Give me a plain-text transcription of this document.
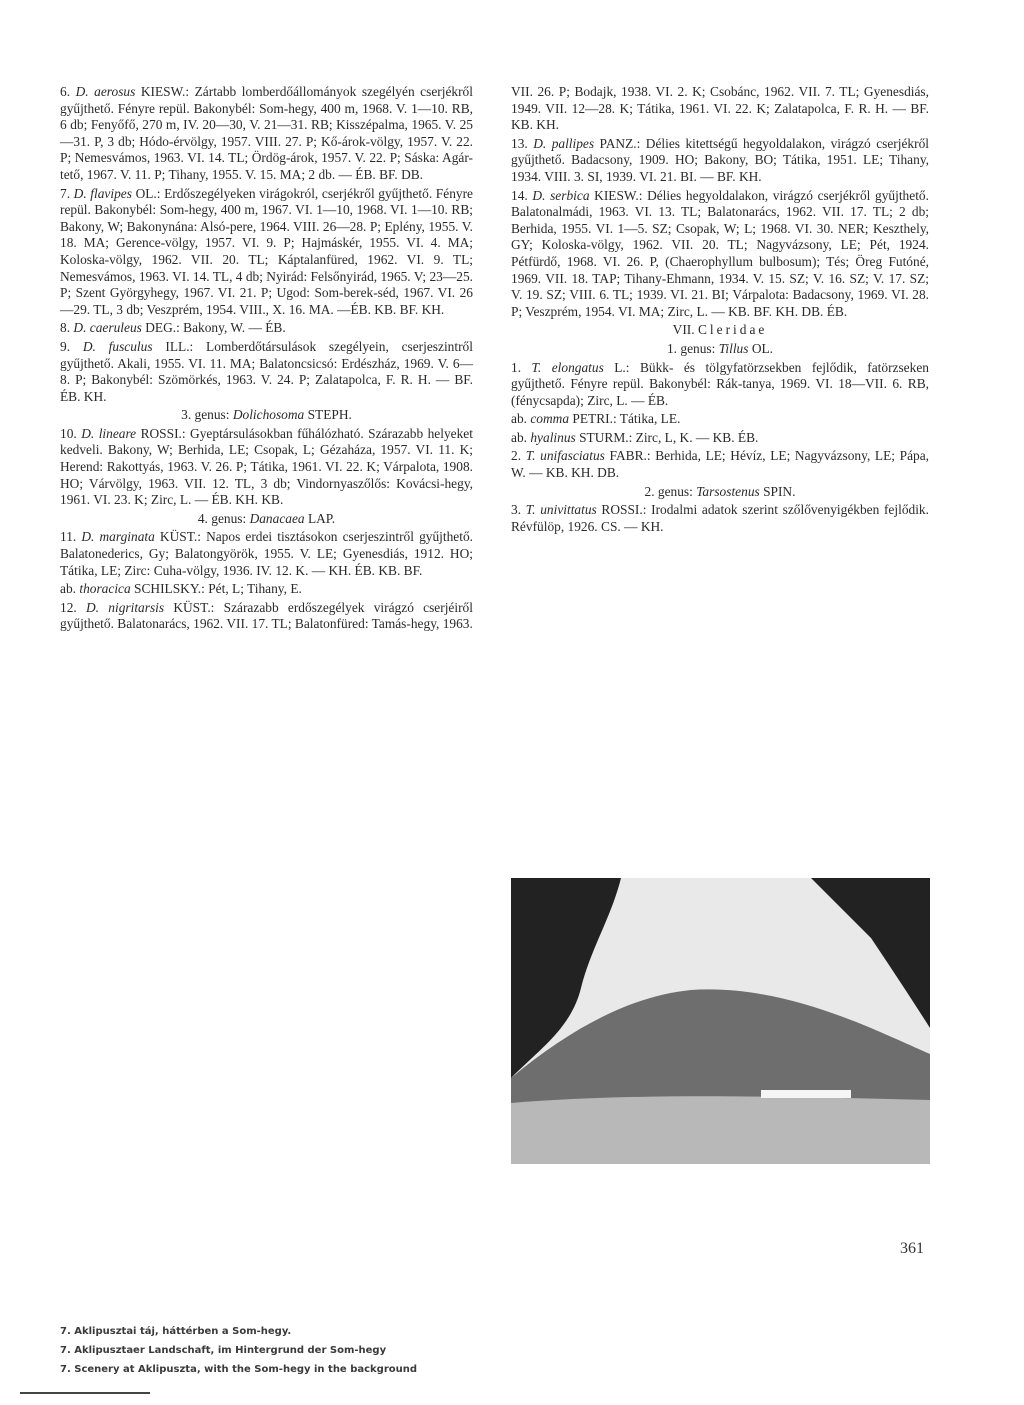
6. D. aerosus KIESW.: Zártabb lomberdőállományok szegélyén cserjékről gyűjthető. Fényre repül. Bakonybél: Som-hegy, 400 m, 1968. V. 1—10. RB, 6 db; Fenyőfő, 270 m, IV. 20—30, V. 21—31. RB; Kisszépalma, 1965. V. 25—31. P, 3 db; Hódo-érvölgy, 1957. VIII. 27. P; Kő-árok-völgy, 1957. V. 22. P; Nemesvámos, 1963. VI. 14. TL; Ördög-árok, 1957. V. 22. P; Sáska: Agár-tető, 1967. V. 11. P; Tihany, 1955. V. 15. MA; 2 db. — ÉB. BF. DB.

7. D. flavipes OL.: Erdőszegélyeken virágokról, cserjékről gyűjthető. Fényre repül. Bakonybél: Som-hegy, 400 m, 1967. VI. 1—10, 1968. VI. 1—10. RB; Bakony, W; Bakonynána: Alsó-pere, 1964. VIII. 26—28. P; Eplény, 1955. V. 18. MA; Gerence-völgy, 1957. VI. 9. P; Hajmáskér, 1955. VI. 4. MA; Koloska-völgy, 1962. VII. 20. TL; Káptalanfüred, 1962. VI. 9. TL; Nemesvámos, 1963. VI. 14. TL, 4 db; Nyirád: Felsőnyirád, 1965. V; 23—25. P; Szent Györgyhegy, 1967. VI. 21. P; Ugod: Som-berek-séd, 1967. VI. 26—29. TL, 3 db; Veszprém, 1954. VIII., X. 16. MA. —ÉB. KB. BF. KH.

8. D. caeruleus DEG.: Bakony, W. — ÉB.

9. D. fusculus ILL.: Lomberdőtársulások szegélyein, cserjeszintről gyűjthető. Akali, 1955. VI. 11. MA; Balatoncsicsó: Erdészház, 1969. V. 6—8. P; Bakonybél: Szömörkés, 1963. V. 24. P; Zalatapolca, F. R. H. — BF. ÉB. KH.

3. genus: Dolichosoma STEPH.

10. D. lineare ROSSI.: Gyeptársulásokban fűhálózható. Szárazabb helyeket kedveli. Bakony, W; Berhida, LE; Csopak, L; Gézaháza, 1957. VI. 11. K; Herend: Rakottyás, 1963. V. 26. P; Tátika, 1961. VI. 22. K; Várpalota, 1908. HO; Várvölgy, 1963. VII. 12. TL, 3 db; Vindornyaszőlős: Kovácsi-hegy, 1961. VI. 23. K; Zirc, L. — ÉB. KH. KB.

4. genus: Danacaea LAP.

11. D. marginata KÜST.: Napos erdei tisztásokon cserjeszintről gyűjthető. Balatonederics, Gy; Balatongyörök, 1955. V. LE; Gyenesdiás, 1912. HO; Tátika, LE; Zirc: Cuha-völgy, 1936. IV. 12. K. — KH. ÉB. KB. BF.

ab. thoracica SCHILSKY.: Pét, L; Tihany, E.

12. D. nigritarsis KÜST.: Szárazabb erdőszegélyek virágzó cserjéiről gyűjthető. Balatonarács, 1962. VII. 17. TL; Balatonfüred: Tamás-hegy, 1963.

VII. 26. P; Bodajk, 1938. VI. 2. K; Csobánc, 1962. VII. 7. TL; Gyenesdiás, 1949. VII. 12—28. K; Tátika, 1961. VI. 22. K; Zalatapolca, F. R. H. — BF. KB. KH.

13. D. pallipes PANZ.: Délies kitettségű hegyoldalakon, virágzó cserjékről gyűjthető. Badacsony, 1909. HO; Bakony, BO; Tátika, 1951. LE; Tihany, 1934. VIII. 3. SI, 1939. VI. 21. BI. — BF. KH.

14. D. serbica KIESW.: Délies hegyoldalakon, virágzó cserjékről gyűjthető. Balatonalmádi, 1963. VI. 13. TL; Balatonarács, 1962. VII. 17. TL; 2 db; Berhida, 1955. VI. 1—5. SZ; Csopak, W; L; 1968. VI. 30. NER; Keszthely, GY; Koloska-völgy, 1962. VII. 20. TL; Nagyvázsony, LE; Pét, 1924. Pétfürdő, 1968. VI. 26. P, (Chaerophyllum bulbosum); Tés; Öreg Futóné, 1969. VII. 18. TAP; Tihany-Ehmann, 1934. V. 15. SZ; V. 16. SZ; V. 17. SZ; V. 19. SZ; VIII. 6. TL; 1939. VI. 21. BI; Várpalota: Badacsony, 1969. VI. 28. P; Veszprém, 1954. VI. MA; Zirc, L. — KB. BF. KH. DB. ÉB.

VII. Cleridae

1. genus: Tillus OL.

1. T. elongatus L.: Bükk- és tölgyfatörzsekben fejlődik, fatörzseken gyűjthető. Fényre repül. Bakonybél: Rák-tanya, 1969. VI. 18—VII. 6. RB, (fénycsapda); Zirc, L. — ÉB.

ab. comma PETRI.: Tátika, LE.

ab. hyalinus STURM.: Zirc, L, K. — KB. ÉB.

2. T. unifasciatus FABR.: Berhida, LE; Hévíz, LE; Nagyvázsony, LE; Pápa, W. — KB. KH. DB.

2. genus: Tarsostenus SPIN.

3. T. univittatus ROSSI.: Irodalmi adatok szerint szőlővenyigékben fejlődik. Révfülöp, 1926. CS. — KH.

361

7. Aklipusztai táj, háttérben a Som-hegy.

7. Aklipusztaer Landschaft, im Hintergrund der Som-hegy

7. Scenery at Aklipuszta, with the Som-hegy in the background
